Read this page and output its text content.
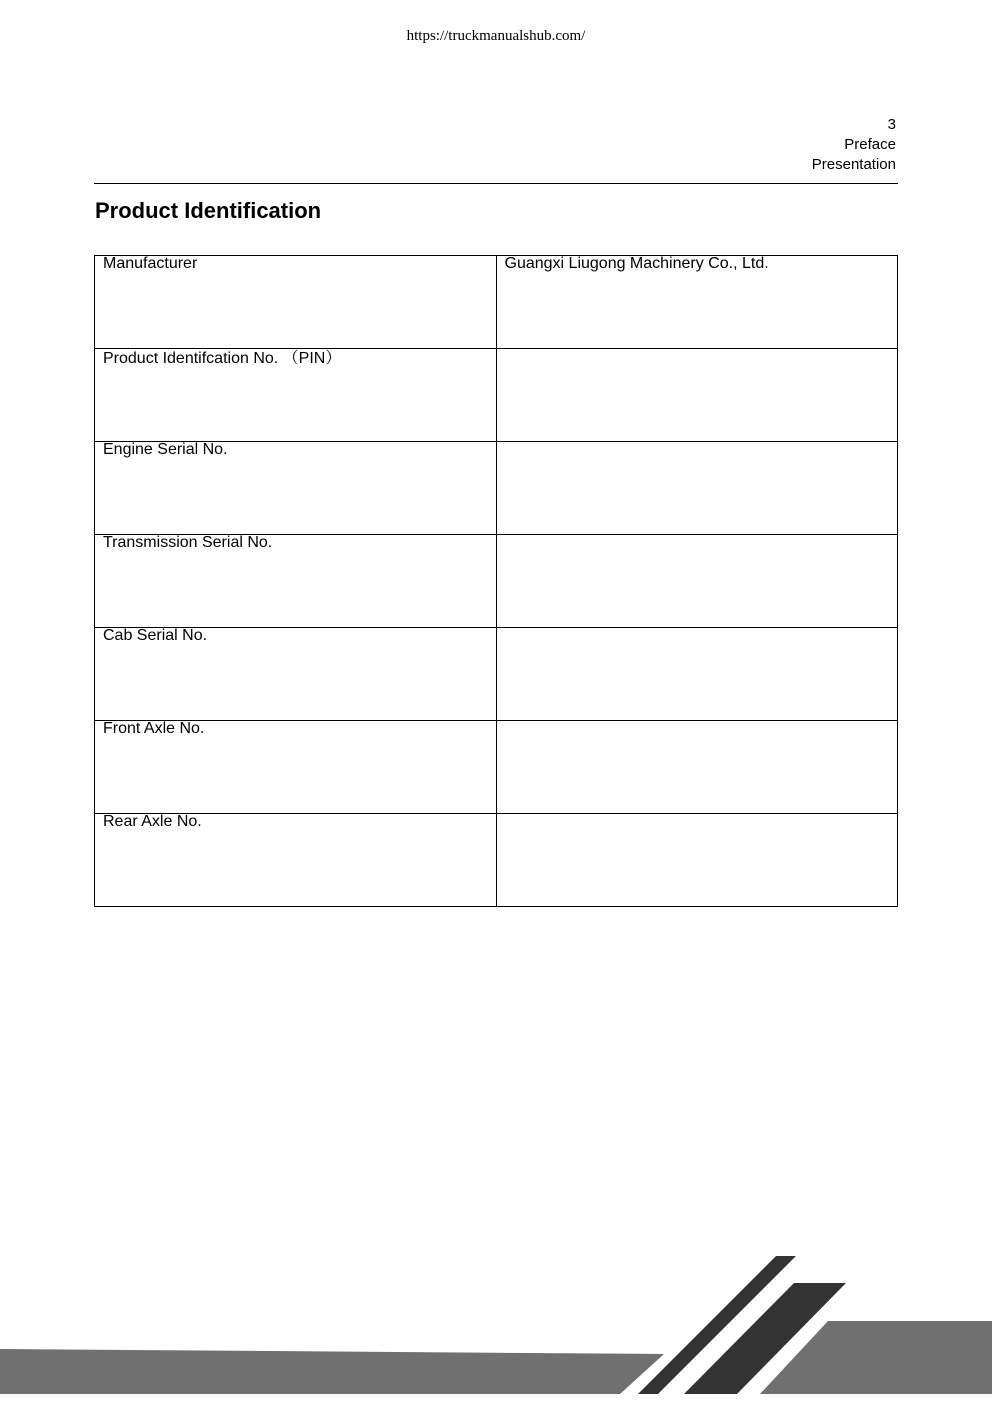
https://truckmanualshub.com/
3
Preface
Presentation
Product Identification
Manufacturer	Guangxi Liugong Machinery Co., Ltd.

Product Identifcation No. （PIN）	

Engine Serial No.	

Transmission Serial No.	

Cab Serial No.	

Front Axle No.	

Rear Axle No.	
